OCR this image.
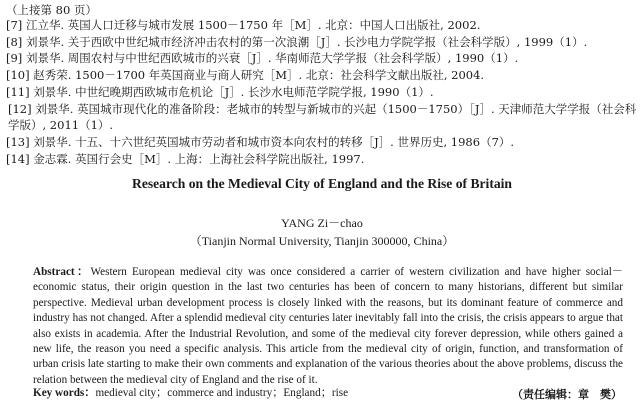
（上接第 80 页）
[7] 江立华. 英国人口迁移与城市发展 1500－1750 年［M］. 北京：中国人口出版社, 2002.
[8] 刘景华. 关于西欧中世纪城市经济冲击农村的第一次浪潮［J］. 长沙电力学院学报（社会科学版）, 1999（1）.
[9] 刘景华. 周围农村与中世纪西欧城市的兴衰［J］. 华南师范大学学报（社会科学版）, 1990（1）.
[10] 赵秀荣. 1500－1700 年英国商业与商人研究［M］. 北京：社会科学文献出版社, 2004.
[11] 刘景华. 中世纪晚期西欧城市危机论［J］. 长沙水电师范学院学报, 1990（1）.
[12] 刘景华. 英国城市现代化的准备阶段：老城市的转型与新城市的兴起（1500－1750）［J］. 天津师范大学学报（社会科学版）, 2011（1）.
[13] 刘景华. 十五、十六世纪英国城市劳动者和城市资本向农村的转移［J］. 世界历史, 1986（7）.
[14] 金志霖. 英国行会史［M］. 上海：上海社会科学院出版社, 1997.
Research on the Medieval City of England and the Rise of Britain
YANG Zi－chao
（Tianjin Normal University, Tianjin 300000, China）
Abstract：Western European medieval city was once considered a carrier of western civilization and have higher social－economic status, their origin question in the last two centuries has been of concern to many historians, different but similar perspective. Medieval urban development process is closely linked with the reasons, but its dominant feature of commerce and industry has not changed. After a splendid medieval city centuries later inevitably fall into the crisis, the crisis appears to argue that also exists in academia. After the Industrial Revolution, and some of the medieval city forever depression, while others gained a new life, the reason you need a specific analysis. This article from the medieval city of origin, function, and transformation of urban crisis late starting to make their own comments and explanation of the various theories about the above problems, discuss the relation between the medieval city of England and the rise of it.
Key words：medieval city；commerce and industry；England；rise	（责任编辑：章　樊）
